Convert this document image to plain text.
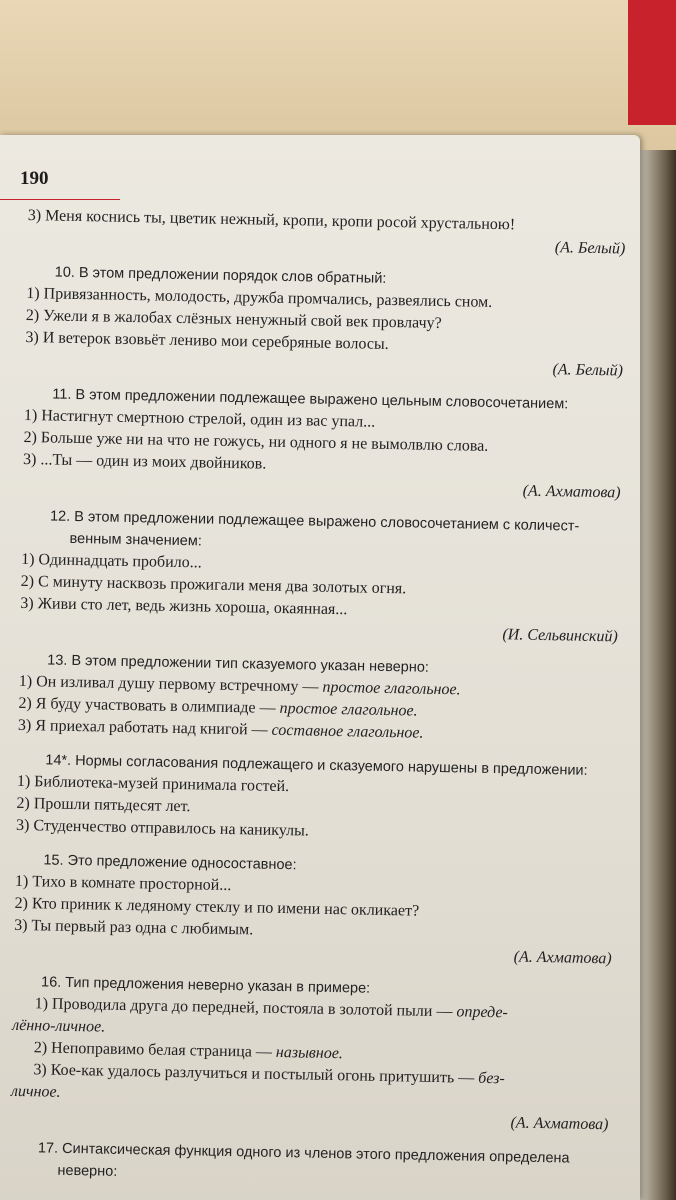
190
3) Меня коснись ты, цветик нежный, кропи, кропи росой хрустальною!
(А. Белый)
10. В этом предложении порядок слов обратный:
1) Привязанность, молодость, дружба промчались, развеялись сном.
2) Ужели я в жалобах слёзных ненужный свой век провлачу?
3) И ветерок взовьёт лениво мои серебряные волосы.
(А. Белый)
11. В этом предложении подлежащее выражено цельным словосочетанием:
1) Настигнут смертною стрелой, один из вас упал...
2) Больше уже ни на что не гожусь, ни одного я не вымолвлю слова.
3) ...Ты — один из моих двойников.
(А. Ахматова)
12. В этом предложении подлежащее выражено словосочетанием с количест-
венным значением:
1) Одиннадцать пробило...
2) С минуту насквозь прожигали меня два золотых огня.
3) Живи сто лет, ведь жизнь хороша, окаянная...
(И. Сельвинский)
13. В этом предложении тип сказуемого указан неверно:
1) Он изливал душу первому встречному — простое глагольное.
2) Я буду участвовать в олимпиаде — простое глагольное.
3) Я приехал работать над книгой — составное глагольное.
14*. Нормы согласования подлежащего и сказуемого нарушены в предложении:
1) Библиотека-музей принимала гостей.
2) Прошли пятьдесят лет.
3) Студенчество отправилось на каникулы.
15. Это предложение односоставное:
1) Тихо в комнате просторной...
2) Кто приник к ледяному стеклу и по имени нас окликает?
3) Ты первый раз одна с любимым.
(А. Ахматова)
16. Тип предложения неверно указан в примере:
1) Проводила друга до передней, постояла в золотой пыли — опреде-
лённо-личное.
2) Непоправимо белая страница — назывное.
3) Кое-как удалось разлучиться и постылый огонь притушить — без-
личное.
(А. Ахматова)
17. Синтаксическая функция одного из членов этого предложения определена
неверно:
